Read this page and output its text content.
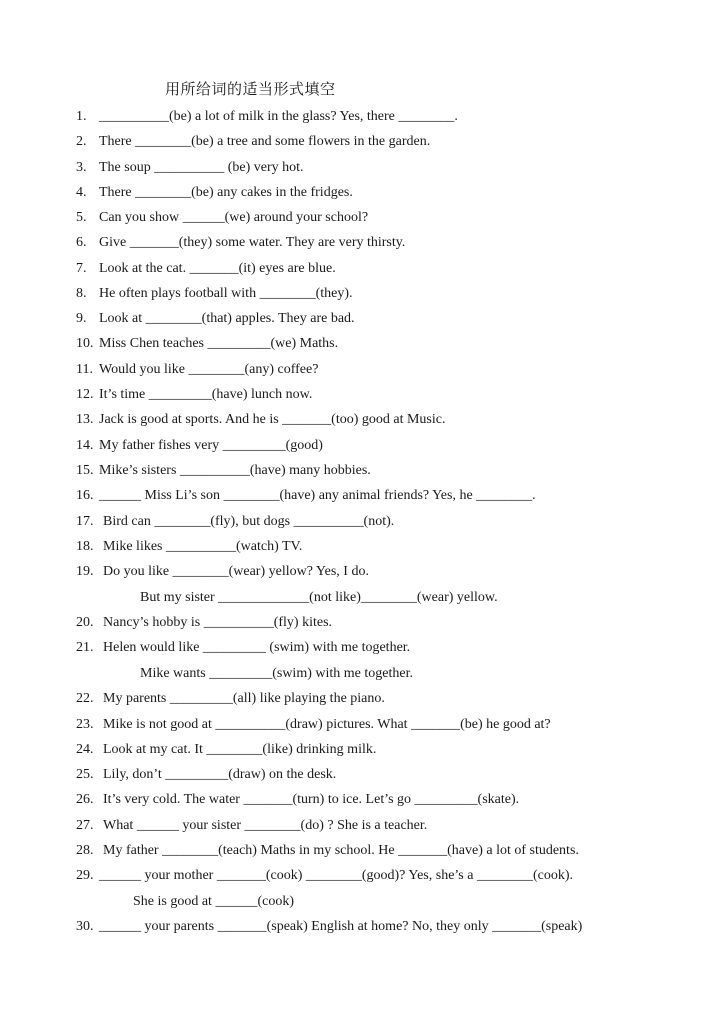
用所给词的适当形式填空
1. __________(be) a lot of milk in the glass? Yes, there ________.
2. There ________(be) a tree and some flowers in the garden.
3. The soup __________ (be) very hot.
4. There ________(be) any cakes in the fridges.
5. Can you show ______(we) around your school?
6. Give _______(they) some water. They are very thirsty.
7. Look at the cat. _______(it) eyes are blue.
8. He often plays football with ________(they).
9. Look at ________(that) apples. They are bad.
10. Miss Chen teaches _________(we) Maths.
11. Would you like ________(any) coffee?
12. It’s time _________(have) lunch now.
13. Jack is good at sports. And he is _______(too) good at Music.
14. My father fishes very _________(good)
15. Mike’s sisters __________(have) many hobbies.
16. ______ Miss Li’s son ________(have) any animal friends? Yes, he ________.
17. Bird can ________(fly), but dogs __________(not).
18. Mike likes __________(watch) TV.
19. Do you like ________(wear) yellow? Yes, I do.
But my sister _____________(not like)________(wear) yellow.
20. Nancy’s hobby is __________(fly) kites.
21. Helen would like _________ (swim) with me together.
Mike wants _________(swim) with me together.
22. My parents _________(all) like playing the piano.
23. Mike is not good at __________(draw) pictures. What _______(be) he good at?
24. Look at my cat. It ________(like) drinking milk.
25. Lily, don’t _________(draw) on the desk.
26. It’s very cold. The water _______(turn) to ice. Let’s go _________(skate).
27. What ______ your sister ________(do) ? She is a teacher.
28. My father ________(teach) Maths in my school. He _______(have) a lot of students.
29. ______ your mother _______(cook) ________(good)? Yes, she’s a ________(cook).
She is good at ______(cook)
30. ______ your parents _______(speak) English at home? No, they only _______(speak)
